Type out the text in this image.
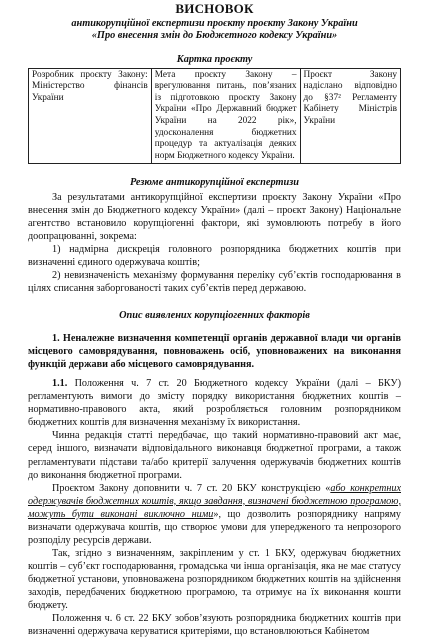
ВИСНОВОК
антикорупційної експертизи проєкту проєкту Закону України
«Про внесення змін до Бюджетного кодексу України»
Картка проєкту
Розробник проєкту Закону: Міністерство фінансів України	Мета проєкту Закону – врегулювання питань, пов’язаних із підготовкою проєкту Закону України «Про Державний бюджет України на 2022 рік», удосконалення бюджетних процедур та актуалізація деяких норм Бюджетного кодексу України.	Проєкт Закону надіслано відповідно до §37² Регламенту Кабінету Міністрів України
Резюме антикорупційної експертизи

За результатами антикорупційної експертизи проєкту Закону України «Про внесення змін до Бюджетного кодексу України» (далі – проєкт Закону) Національне агентство встановило корупціогенні фактори, які зумовлюють потребу в його доопрацюванні, зокрема:

1) надмірна дискреція головного розпорядника бюджетних коштів при визначенні єдиного одержувача коштів;

2) невизначеність механізму формування переліку суб’єктів господарювання в цілях списання заборгованості таких суб’єктів перед державою.

Опис виявлених корупціогенних факторів

1. Неналежне визначення компетенції органів державної влади чи органів місцевого самоврядування, повноважень осіб, уповноважених на виконання функцій держави або місцевого самоврядування.

1.1. Положення ч. 7 ст. 20 Бюджетного кодексу України (далі – БКУ) регламентують вимоги до змісту порядку використання бюджетних коштів – нормативно-правового акта, який розробляється головним розпорядником бюджетних коштів для визначення механізму їх використання.

Чинна редакція статті передбачає, що такий нормативно-правовий акт має, серед іншого, визначати відповідального виконавця бюджетної програми, а також регламентувати підстави та/або критерії залучення одержувачів бюджетних коштів до виконання бюджетної програми.

Проєктом Закону доповнити ч. 7 ст. 20 БКУ конструкцією «або конкретних одержувачів бюджетних коштів, якщо завдання, визначені бюджетною програмою, можуть бути виконані виключно ними», що дозволить розпоряднику напряму визначати одержувача коштів, що створює умови для упередженого та непрозорого розподілу ресурсів держави.

Так, згідно з визначенням, закріпленим у ст. 1 БКУ, одержувач бюджетних коштів – суб’єкт господарювання, громадська чи інша організація, яка не має статусу бюджетної установи, уповноважена розпорядником бюджетних коштів на здійснення заходів, передбачених бюджетною програмою, та отримує на їх виконання кошти бюджету.

Положення ч. 6 ст. 22 БКУ зобов’язують розпорядника бюджетних коштів при визначенні одержувача керуватися критеріями, що встановлюються Кабінетом
